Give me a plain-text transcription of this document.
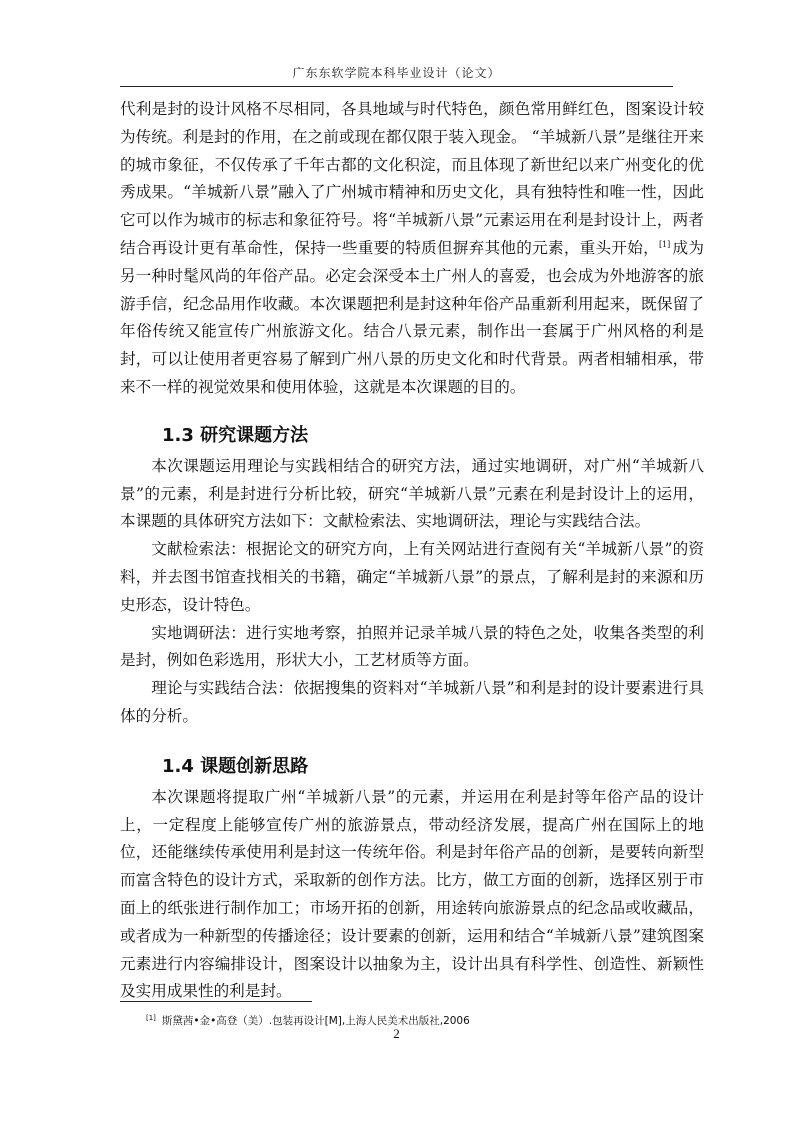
广东东软学院本科毕业设计（论文）

代利是封的设计风格不尽相同，各具地域与时代特色，颜色常用鲜红色，图案设计较为传统。利是封的作用，在之前或现在都仅限于装入现金。 “羊城新八景”是继往开来的城市象征，不仅传承了千年古都的文化积淀，而且体现了新世纪以来广州变化的优秀成果。“羊城新八景”融入了广州城市精神和历史文化，具有独特性和唯一性，因此它可以作为城市的标志和象征符号。将“羊城新八景”元素运用在利是封设计上，两者结合再设计更有革命性，保持一些重要的特质但摒弃其他的元素，重头开始，[1] 成为另一种时髦风尚的年俗产品。必定会深受本土广州人的喜爱，也会成为外地游客的旅游手信，纪念品用作收藏。本次课题把利是封这种年俗产品重新利用起来，既保留了年俗传统又能宣传广州旅游文化。结合八景元素，制作出一套属于广州风格的利是封，可以让使用者更容易了解到广州八景的历史文化和时代背景。两者相辅相承，带来不一样的视觉效果和使用体验，这就是本次课题的目的。

1.3 研究课题方法

本次课题运用理论与实践相结合的研究方法，通过实地调研，对广州“羊城新八景”的元素，利是封进行分析比较，研究“羊城新八景”元素在利是封设计上的运用，本课题的具体研究方法如下：文献检索法、实地调研法，理论与实践结合法。

文献检索法：根据论文的研究方向，上有关网站进行查阅有关“羊城新八景”的资料，并去图书馆查找相关的书籍，确定“羊城新八景”的景点，了解利是封的来源和历史形态，设计特色。

实地调研法：进行实地考察，拍照并记录羊城八景的特色之处，收集各类型的利是封，例如色彩选用，形状大小，工艺材质等方面。

理论与实践结合法：依据搜集的资料对“羊城新八景”和利是封的设计要素进行具体的分析。

1.4 课题创新思路

本次课题将提取广州“羊城新八景”的元素，并运用在利是封等年俗产品的设计上，一定程度上能够宣传广州的旅游景点，带动经济发展，提高广州在国际上的地位，还能继续传承使用利是封这一传统年俗。利是封年俗产品的创新，是要转向新型而富含特色的设计方式，采取新的创作方法。比方，做工方面的创新，选择区别于市面上的纸张进行制作加工；市场开拓的创新，用途转向旅游景点的纪念品或收藏品，或者成为一种新型的传播途径；设计要素的创新，运用和结合“羊城新八景”建筑图案元素进行内容编排设计，图案设计以抽象为主，设计出具有科学性、创造性、新颖性及实用成果性的利是封。

[1] 斯黛茜•金•高登（美）.包装再设计[M],上海人民美术出版社,2006
2
